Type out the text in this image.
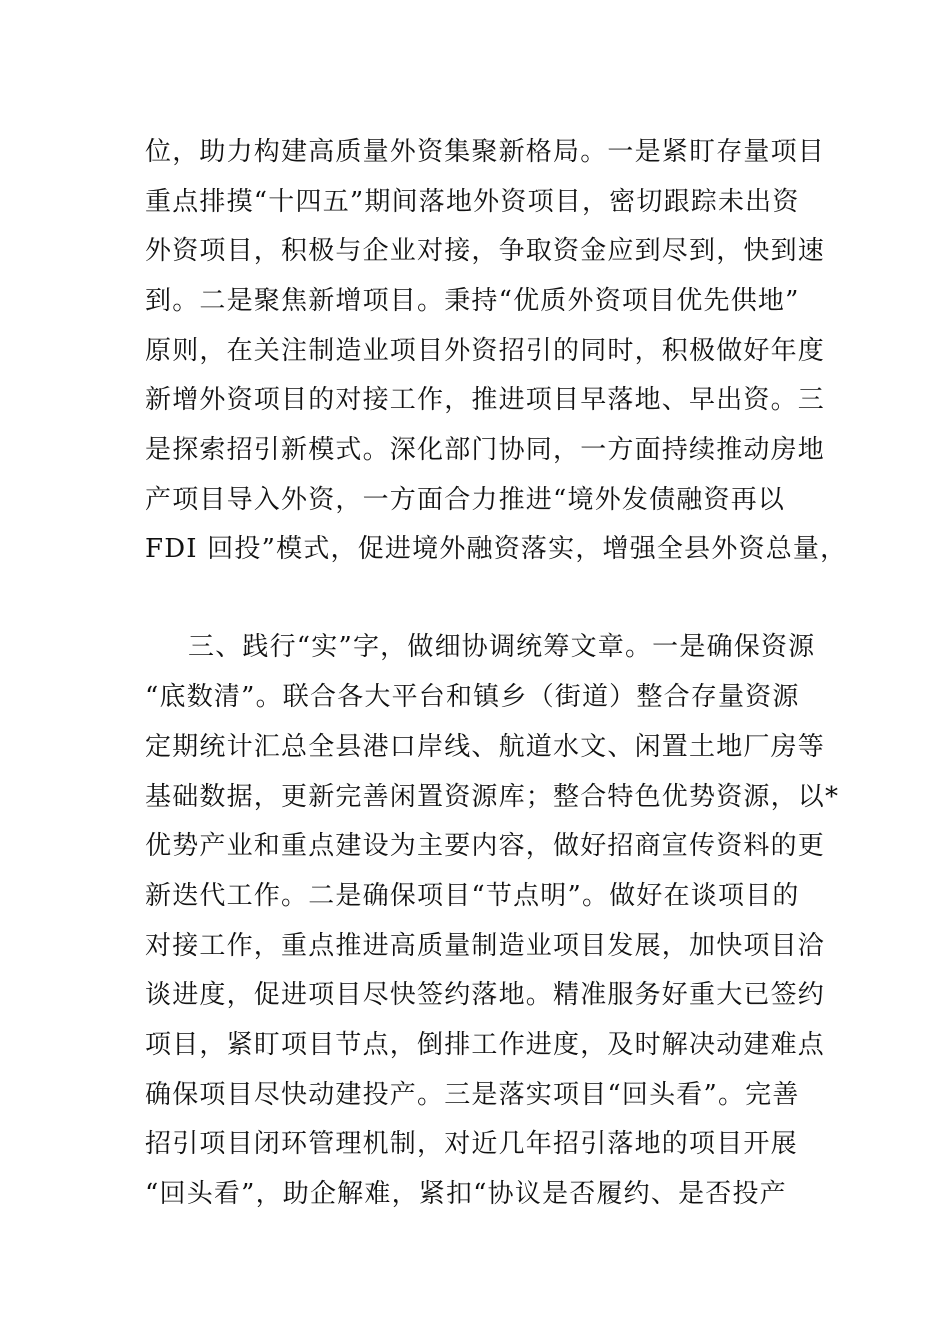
位，助力构建高质量外资集聚新格局。一是紧盯存量项目
重点排摸“十四五”期间落地外资项目，密切跟踪未出资
外资项目，积极与企业对接，争取资金应到尽到，快到速
到。二是聚焦新增项目。秉持“优质外资项目优先供地”
原则，在关注制造业项目外资招引的同时，积极做好年度
新增外资项目的对接工作，推进项目早落地、早出资。三
是探索招引新模式。深化部门协同，一方面持续推动房地
产项目导入外资，一方面合力推进“境外发债融资再以
FDI 回投”模式，促进境外融资落实，增强全县外资总量，
三、践行“实”字，做细协调统筹文章。一是确保资源
“底数清”。联合各大平台和镇乡（街道）整合存量资源
定期统计汇总全县港口岸线、航道水文、闲置土地厂房等
基础数据，更新完善闲置资源库；整合特色优势资源，以*
优势产业和重点建设为主要内容，做好招商宣传资料的更
新迭代工作。二是确保项目“节点明”。做好在谈项目的
对接工作，重点推进高质量制造业项目发展，加快项目洽
谈进度，促进项目尽快签约落地。精准服务好重大已签约
项目，紧盯项目节点，倒排工作进度，及时解决动建难点
确保项目尽快动建投产。三是落实项目“回头看”。完善
招引项目闭环管理机制，对近几年招引落地的项目开展
“回头看”，助企解难，紧扣“协议是否履约、是否投产
